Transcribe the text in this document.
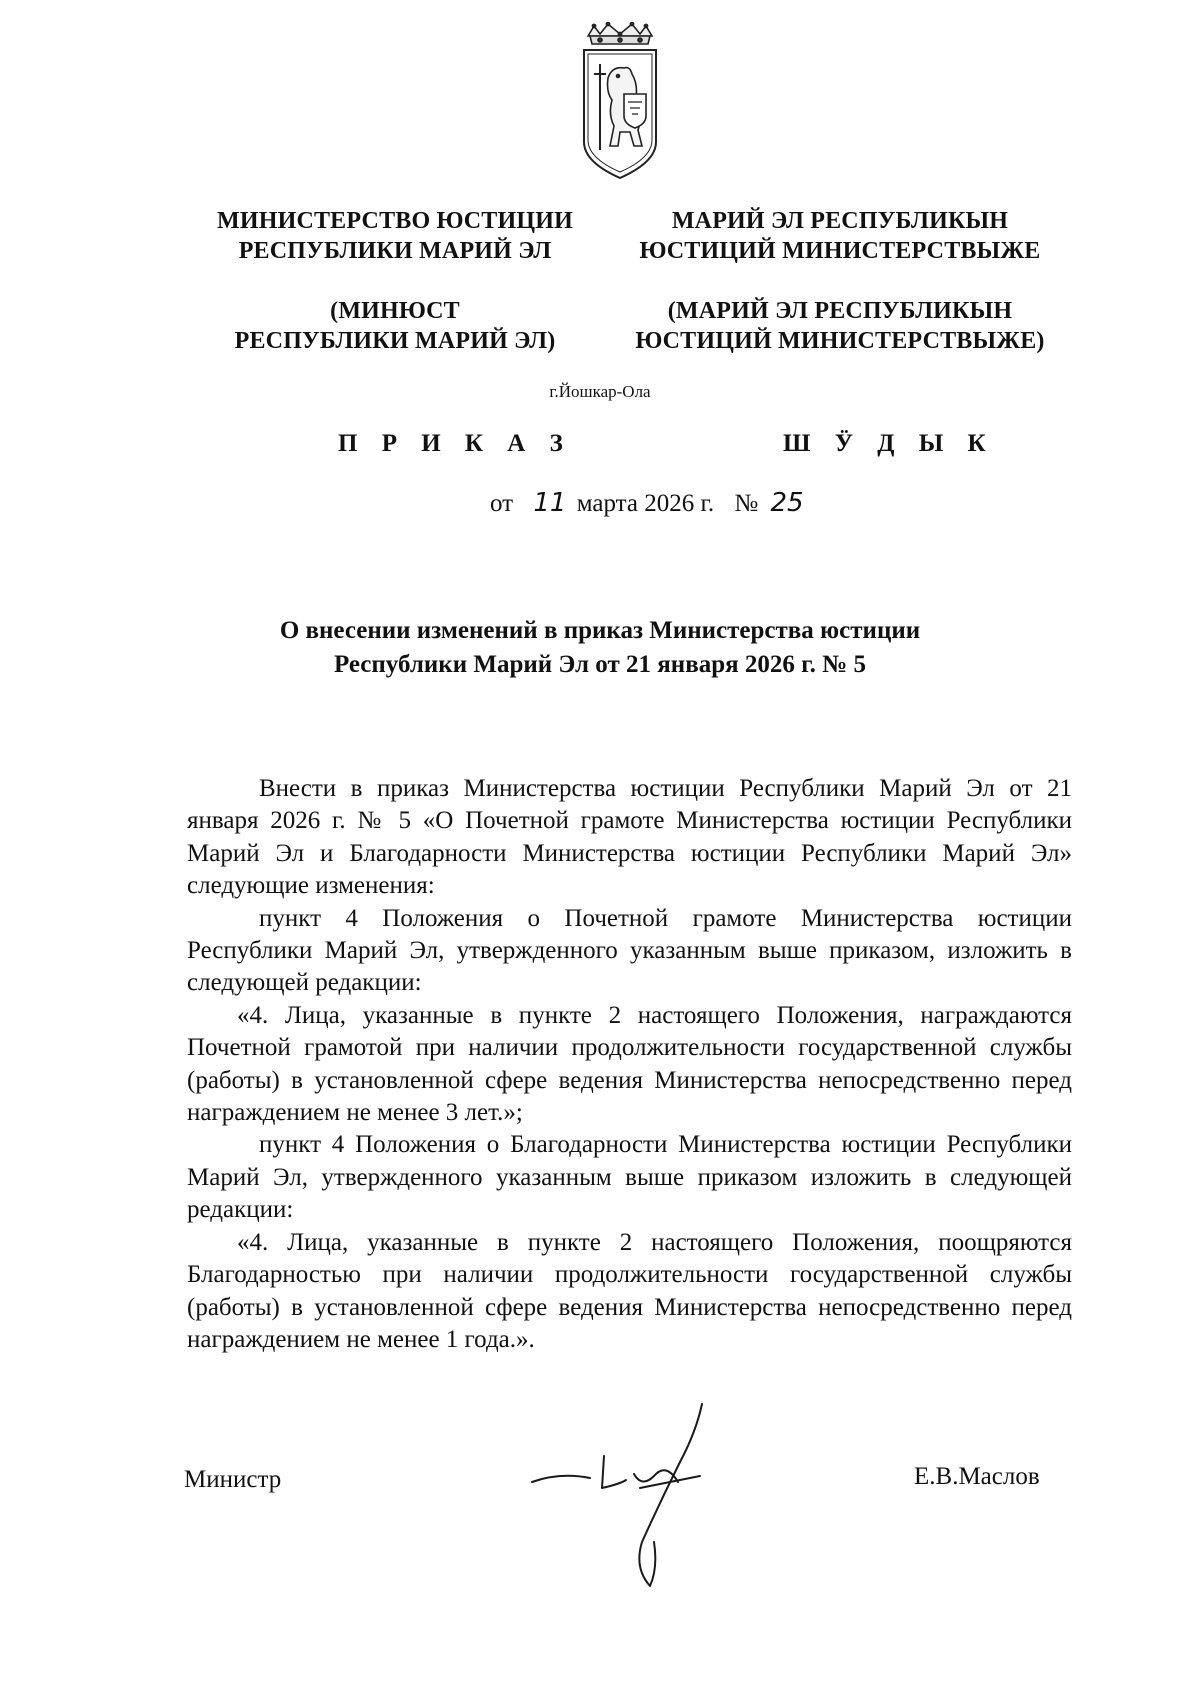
МИНИСТЕРСТВО ЮСТИЦИИ
РЕСПУБЛИКИ МАРИЙ ЭЛ
(МИНЮСТ
РЕСПУБЛИКИ МАРИЙ ЭЛ)
МАРИЙ ЭЛ РЕСПУБЛИКЫН
ЮСТИЦИЙ МИНИСТЕРСТВЫЖЕ
(МАРИЙ ЭЛ РЕСПУБЛИКЫН
ЮСТИЦИЙ МИНИСТЕРСТВЫЖЕ)
г.Йошкар-Ола
П Р И К А З	Ш Ӱ Д Ы К
от 11 марта 2026 г. № 25
О внесении изменений в приказ Министерства юстиции
Республики Марий Эл от 21 января 2026 г. № 5

Внести в приказ Министерства юстиции Республики Марий Эл от 21 января 2026 г. № 5 «О Почетной грамоте Министерства юстиции Республики Марий Эл и Благодарности Министерства юстиции Республики Марий Эл» следующие изменения:

пункт 4 Положения о Почетной грамоте Министерства юстиции Республики Марий Эл, утвержденного указанным выше приказом, изложить в следующей редакции:

«4. Лица, указанные в пункте 2 настоящего Положения, награждаются Почетной грамотой при наличии продолжительности государственной службы (работы) в установленной сфере ведения Министерства непосредственно перед награждением не менее 3 лет.»;

пункт 4 Положения о Благодарности Министерства юстиции Республики Марий Эл, утвержденного указанным выше приказом изложить в следующей редакции:

«4. Лица, указанные в пункте 2 настоящего Положения, поощряются Благодарностью при наличии продолжительности государственной службы (работы) в установленной сфере ведения Министерства непосредственно перед награждением не менее 1 года.».

Министр	Е.В.Маслов
